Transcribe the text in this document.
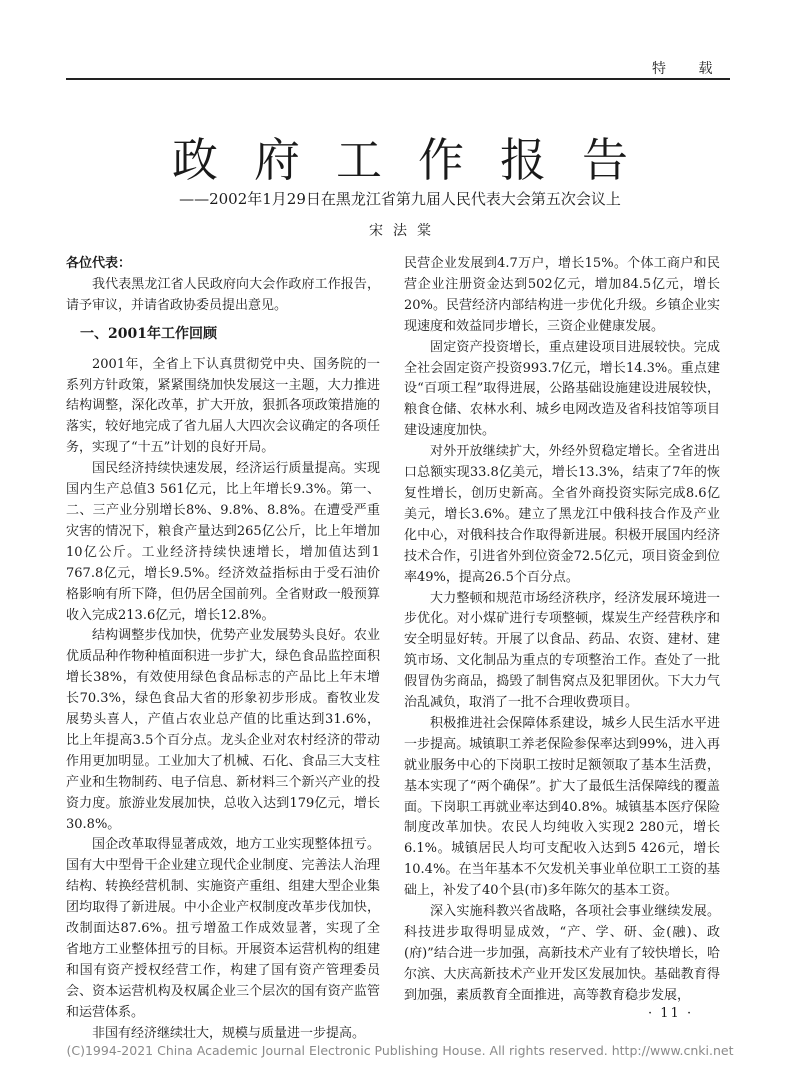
特 载
政府工作报告
——2002年1月29日在黑龙江省第九届人民代表大会第五次会议上
宋法棠

各位代表：

我代表黑龙江省人民政府向大会作政府工作报告，请予审议，并请省政协委员提出意见。

一、2001年工作回顾

2001年，全省上下认真贯彻党中央、国务院的一系列方针政策，紧紧围绕加快发展这一主题，大力推进结构调整，深化改革，扩大开放，狠抓各项政策措施的落实，较好地完成了省九届人大四次会议确定的各项任务，实现了“十五”计划的良好开局。

国民经济持续快速发展，经济运行质量提高。实现国内生产总值3 561亿元，比上年增长9.3%。第一、二、三产业分别增长8%、9.8%、8.8%。在遭受严重灾害的情况下，粮食产量达到265亿公斤，比上年增加10亿公斤。工业经济持续快速增长，增加值达到1 767.8亿元，增长9.5%。经济效益指标由于受石油价格影响有所下降，但仍居全国前列。全省财政一般预算收入完成213.6亿元，增长12.8%。

结构调整步伐加快，优势产业发展势头良好。农业优质品种作物种植面积进一步扩大，绿色食品监控面积增长38%，有效使用绿色食品标志的产品比上年末增长70.3%，绿色食品大省的形象初步形成。畜牧业发展势头喜人，产值占农业总产值的比重达到31.6%，比上年提高3.5个百分点。龙头企业对农村经济的带动作用更加明显。工业加大了机械、石化、食品三大支柱产业和生物制药、电子信息、新材料三个新兴产业的投资力度。旅游业发展加快，总收入达到179亿元，增长30.8%。

国企改革取得显著成效，地方工业实现整体扭亏。国有大中型骨干企业建立现代企业制度、完善法人治理结构、转换经营机制、实施资产重组、组建大型企业集团均取得了新进展。中小企业产权制度改革步伐加快，改制面达87.6%。扭亏增盈工作成效显著，实现了全省地方工业整体扭亏的目标。开展资本运营机构的组建和国有资产授权经营工作，构建了国有资产管理委员会、资本运营机构及权属企业三个层次的国有资产监管和运营体系。

非国有经济继续壮大，规模与质量进一步提高。

民营企业发展到4.7万户，增长15%。个体工商户和民营企业注册资金达到502亿元，增加84.5亿元，增长20%。民营经济内部结构进一步优化升级。乡镇企业实现速度和效益同步增长，三资企业健康发展。

固定资产投资增长，重点建设项目进展较快。完成全社会固定资产投资993.7亿元，增长14.3%。重点建设“百项工程”取得进展，公路基础设施建设进展较快，粮食仓储、农林水利、城乡电网改造及省科技馆等项目建设速度加快。

对外开放继续扩大，外经外贸稳定增长。全省进出口总额实现33.8亿美元，增长13.3%，结束了7年的恢复性增长，创历史新高。全省外商投资实际完成8.6亿美元，增长3.6%。建立了黑龙江中俄科技合作及产业化中心，对俄科技合作取得新进展。积极开展国内经济技术合作，引进省外到位资金72.5亿元，项目资金到位率49%，提高26.5个百分点。

大力整顿和规范市场经济秩序，经济发展环境进一步优化。对小煤矿进行专项整顿，煤炭生产经营秩序和安全明显好转。开展了以食品、药品、农资、建材、建筑市场、文化制品为重点的专项整治工作。查处了一批假冒伪劣商品，捣毁了制售窝点及犯罪团伙。下大力气治乱减负，取消了一批不合理收费项目。

积极推进社会保障体系建设，城乡人民生活水平进一步提高。城镇职工养老保险参保率达到99%，进入再就业服务中心的下岗职工按时足额领取了基本生活费，基本实现了“两个确保”。扩大了最低生活保障线的覆盖面。下岗职工再就业率达到40.8%。城镇基本医疗保险制度改革加快。农民人均纯收入实现2 280元，增长6.1%。城镇居民人均可支配收入达到5 426元，增长10.4%。在当年基本不欠发机关事业单位职工工资的基础上，补发了40个县(市)多年陈欠的基本工资。

深入实施科教兴省战略，各项社会事业继续发展。科技进步取得明显成效，“产、学、研、金(融)、政(府)”结合进一步加强，高新技术产业有了较快增长，哈尔滨、大庆高新技术产业开发区发展加快。基础教育得到加强，素质教育全面推进，高等教育稳步发展，

· 11 ·
(C)1994-2021 China Academic Journal Electronic Publishing House. All rights reserved. http://www.cnki.net
